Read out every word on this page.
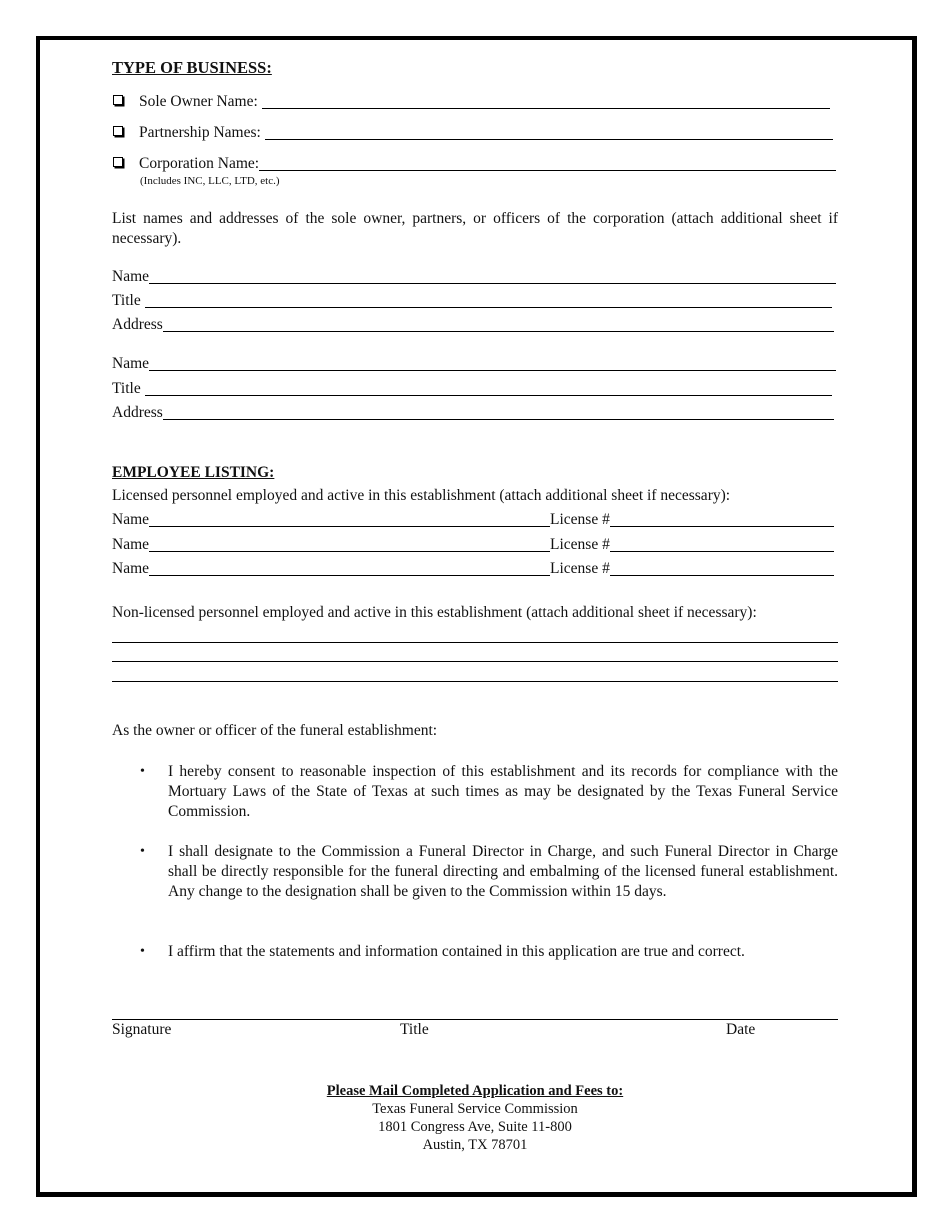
TYPE OF BUSINESS:
Sole Owner Name:
Partnership Names:
Corporation Name:
(Includes INC, LLC, LTD, etc.)
List names and addresses of the sole owner, partners, or officers of the corporation (attach additional sheet if necessary).
Name
Title
Address
Name
Title
Address
EMPLOYEE LISTING:
Licensed personnel employed and active in this establishment (attach additional sheet if necessary):
Name	License #
Name	License #
Name	License #
Non-licensed personnel employed and active in this establishment (attach additional sheet if necessary):
As the owner or officer of the funeral establishment:
• I hereby consent to reasonable inspection of this establishment and its records for compliance with the Mortuary Laws of the State of Texas at such times as may be designated by the Texas Funeral Service Commission.
• I shall designate to the Commission a Funeral Director in Charge, and such Funeral Director in Charge shall be directly responsible for the funeral directing and embalming of the licensed funeral establishment. Any change to the designation shall be given to the Commission within 15 days.
• I affirm that the statements and information contained in this application are true and correct.
Signature	Title	Date
Please Mail Completed Application and Fees to:
Texas Funeral Service Commission
1801 Congress Ave, Suite 11-800
Austin, TX 78701
